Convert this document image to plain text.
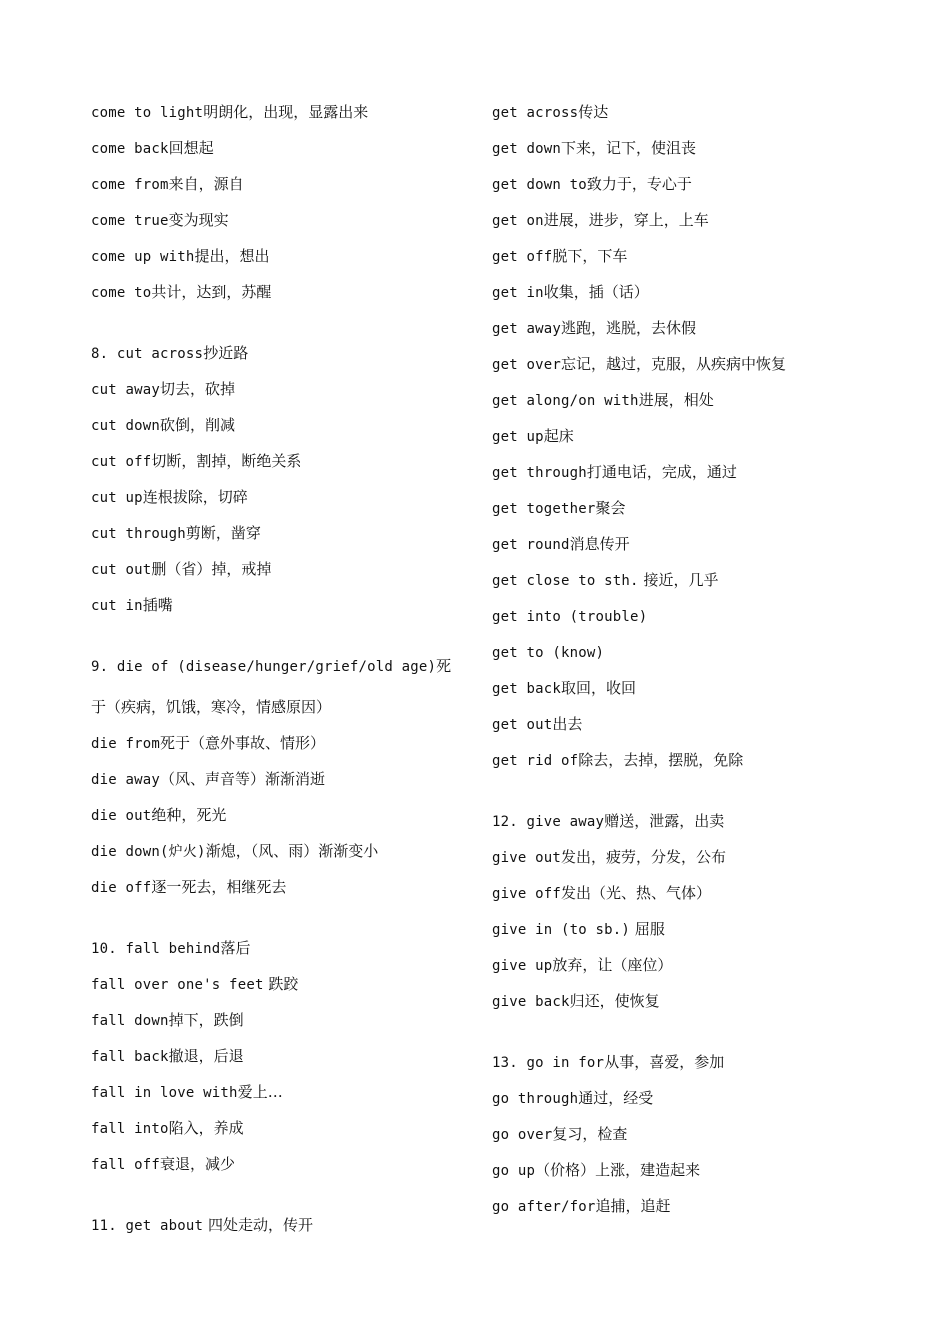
come to light明朗化，出现，显露出来
come back回想起
come from来自，源自
come true变为现实
come up with提出，想出
come to共计，达到，苏醒
8. cut across抄近路
cut away切去，砍掉
cut down砍倒，削减
cut off切断，割掉，断绝关系
cut up连根拔除，切碎
cut through剪断，凿穿
cut out删（省）掉，戒掉
cut in插嘴
9. die of (disease/hunger/grief/old age)死
于（疾病，饥饿，寒冷，情感原因）
die from死于（意外事故、情形）
die away（风、声音等）渐渐消逝
die out绝种，死光
die down(炉火)渐熄，（风、雨）渐渐变小
die off逐一死去，相继死去
10. fall behind落后
fall over one's feet 跌跤
fall down掉下，跌倒
fall back撤退，后退
fall in love with爱上…
fall into陷入，养成
fall off衰退，减少
11. get about 四处走动，传开
get across传达
get down下来，记下，使沮丧
get down to致力于，专心于
get on进展，进步，穿上，上车
get off脱下，下车
get in收集，插（话）
get away逃跑，逃脱，去休假
get over忘记，越过，克服，从疾病中恢复
get along/on with进展，相处
get up起床
get through打通电话，完成，通过
get together聚会
get round消息传开
get close to sth. 接近，几乎
get into (trouble)
get to (know)
get back取回，收回
get out出去
get rid of除去，去掉，摆脱，免除
12. give away赠送，泄露，出卖
give out发出，疲劳，分发，公布
give off发出（光、热、气体）
give in (to sb.) 屈服
give up放弃，让（座位）
give back归还，使恢复
13. go in for从事，喜爱，参加
go through通过，经受
go over复习，检查
go up（价格）上涨，建造起来
go after/for追捕，追赶
